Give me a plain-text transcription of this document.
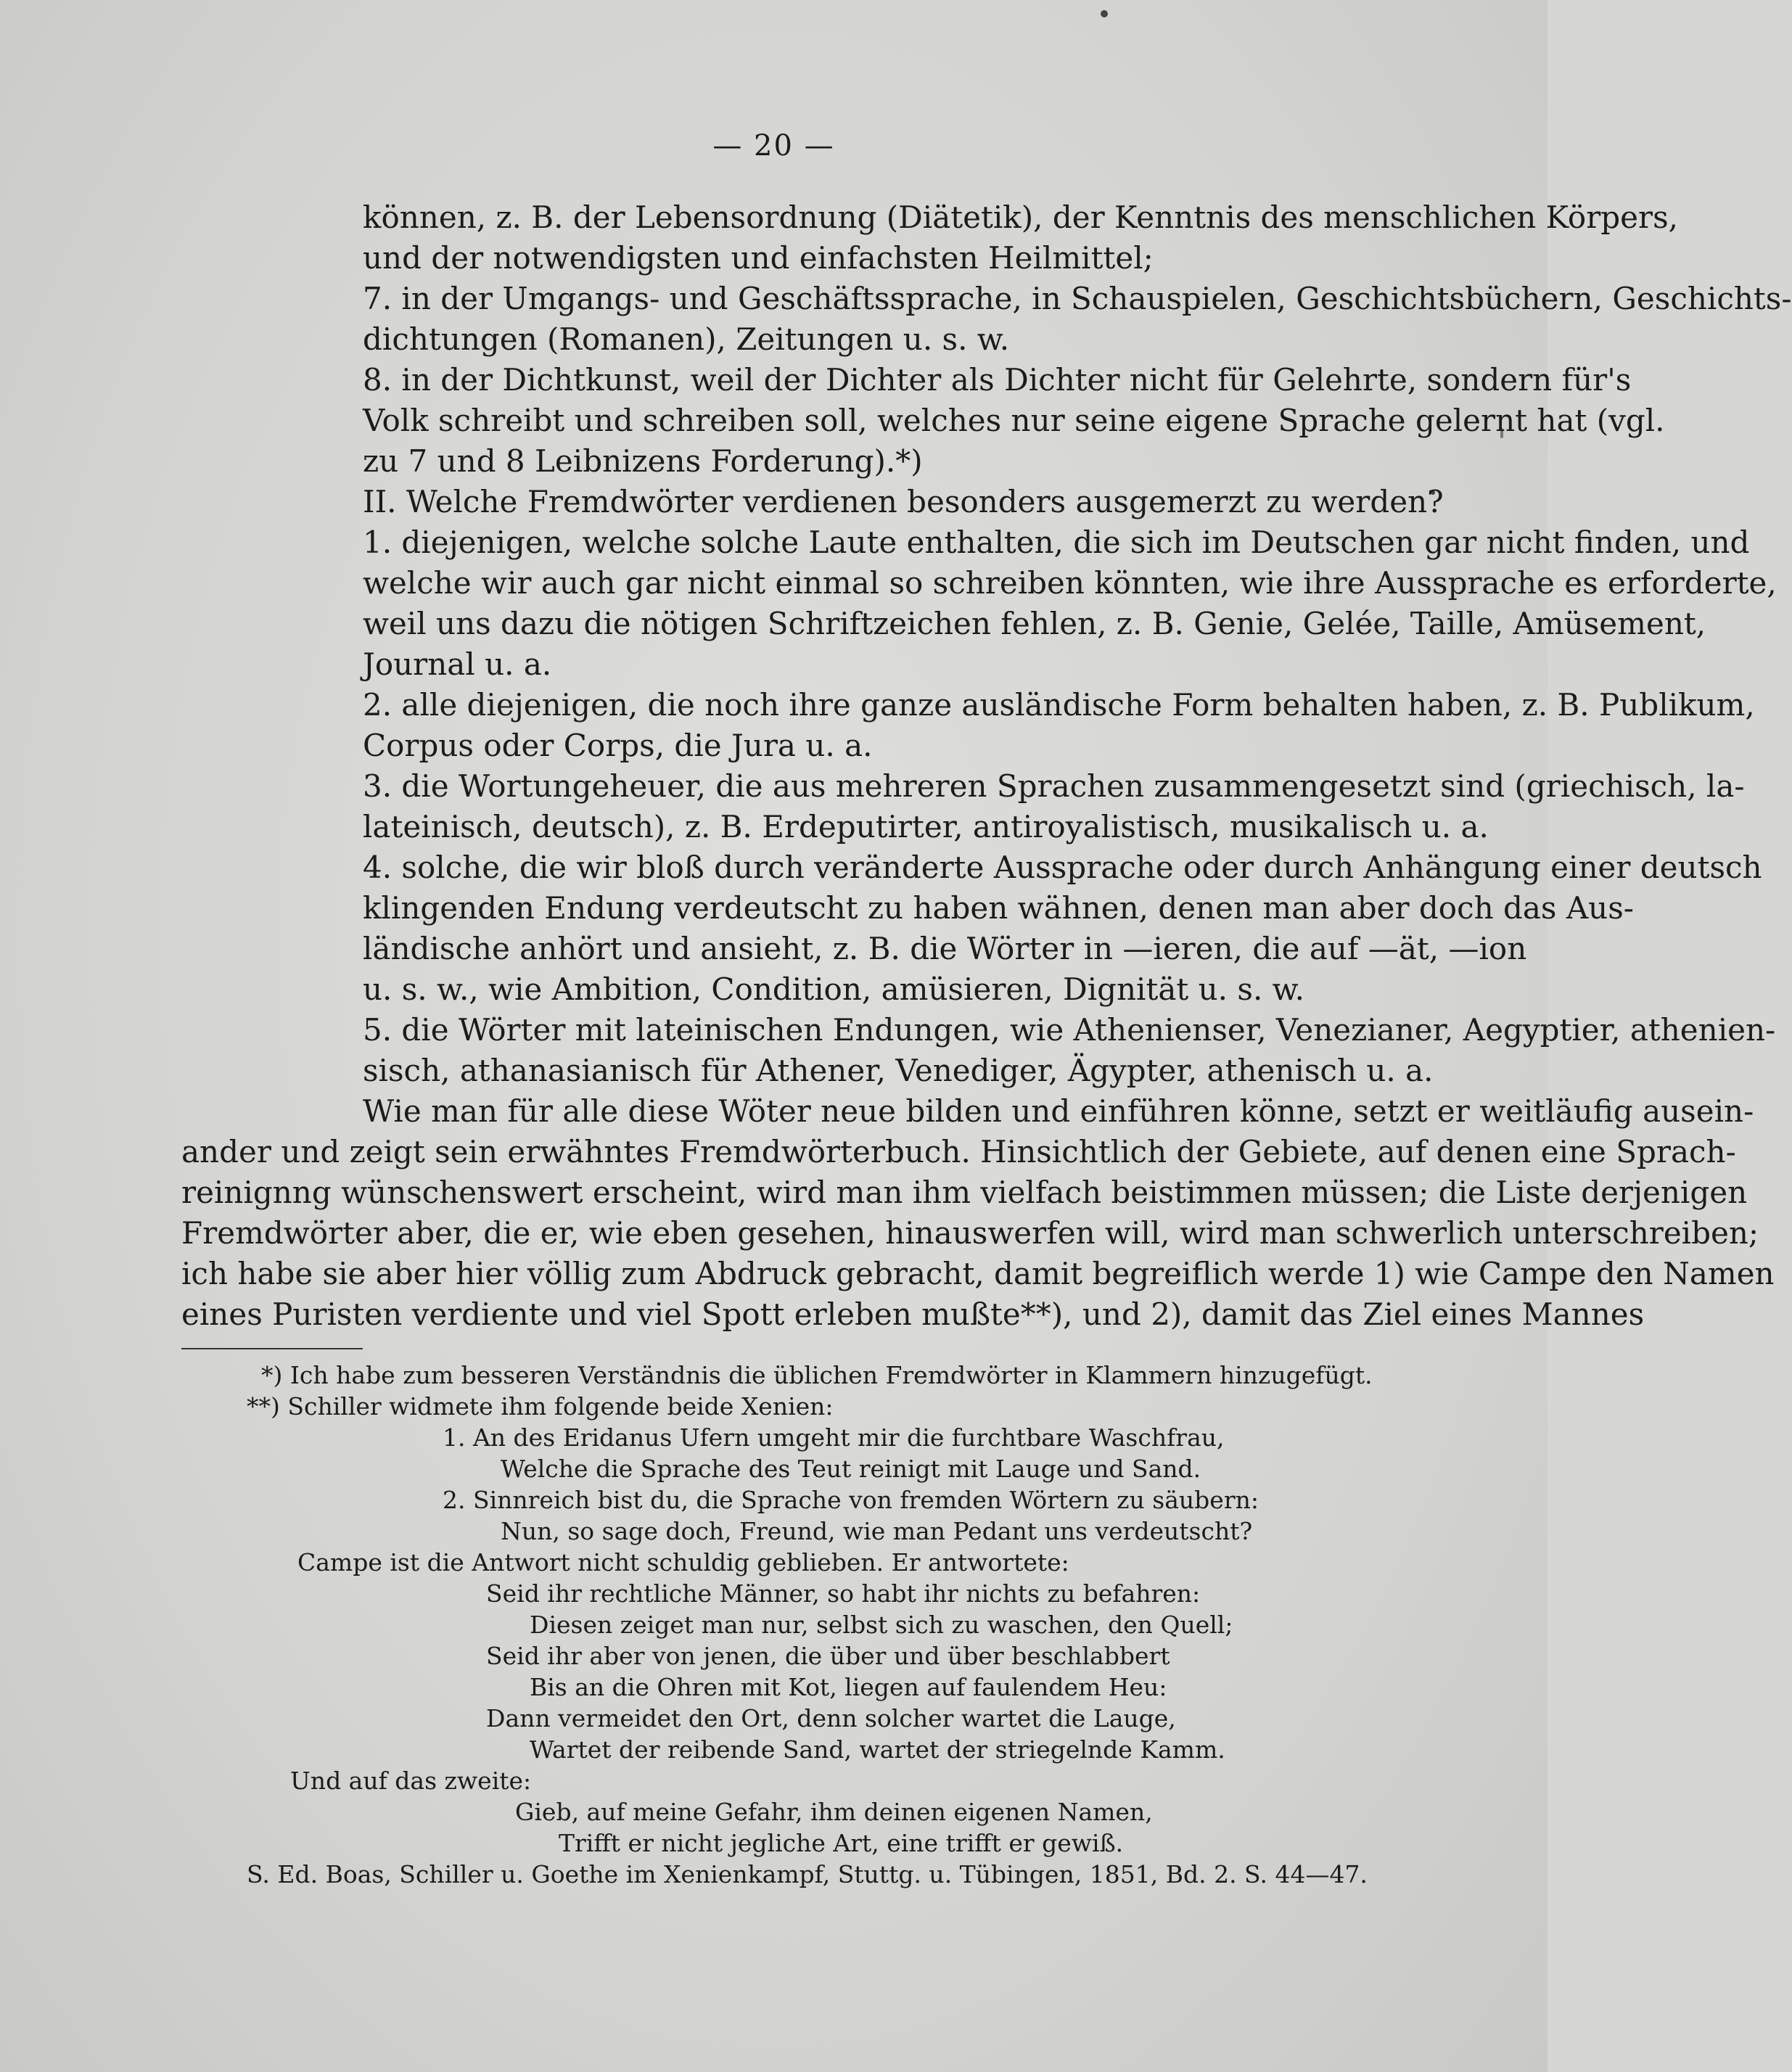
— 20 —
können, z. B. der Lebensordnung (Diätetik), der Kenntnis des menschlichen Körpers,
und der notwendigsten und einfachsten Heilmittel;
7. in der Umgangs- und Geschäftssprache, in Schauspielen, Geschichtsbüchern, Geschichts-
dichtungen (Romanen), Zeitungen u. s. w.
8. in der Dichtkunst, weil der Dichter als Dichter nicht für Gelehrte, sondern für's
Volk schreibt und schreiben soll, welches nur seine eigene Sprache gelernt hat (vgl.
zu 7 und 8 Leibnizens Forderung).*)
II. Welche Fremdwörter verdienen besonders ausgemerzt zu werden?
1. diejenigen, welche solche Laute enthalten, die sich im Deutschen gar nicht finden, und
welche wir auch gar nicht einmal so schreiben könnten, wie ihre Aussprache es erforderte,
weil uns dazu die nötigen Schriftzeichen fehlen, z. B. Genie, Gelée, Taille, Amüsement,
Journal u. a.
2. alle diejenigen, die noch ihre ganze ausländische Form behalten haben, z. B. Publikum,
Corpus oder Corps, die Jura u. a.
3. die Wortungeheuer, die aus mehreren Sprachen zusammengesetzt sind (griechisch, la-
lateinisch, deutsch), z. B. Erdeputirter, antiroyalistisch, musikalisch u. a.
4. solche, die wir bloß durch veränderte Aussprache oder durch Anhängung einer deutsch
klingenden Endung verdeutscht zu haben wähnen, denen man aber doch das Aus-
ländische anhört und ansieht, z. B. die Wörter in —ieren, die auf —ät, —ion
u. s. w., wie Ambition, Condition, amüsieren, Dignität u. s. w.
5. die Wörter mit lateinischen Endungen, wie Athenienser, Venezianer, Aegyptier, athenien-
sisch, athanasianisch für Athener, Venediger, Ägypter, athenisch u. a.
Wie man für alle diese Wöter neue bilden und einführen könne, setzt er weitläufig ausein-
ander und zeigt sein erwähntes Fremdwörterbuch. Hinsichtlich der Gebiete, auf denen eine Sprach-
reinignng wünschenswert erscheint, wird man ihm vielfach beistimmen müssen; die Liste derjenigen
Fremdwörter aber, die er, wie eben gesehen, hinauswerfen will, wird man schwerlich unterschreiben;
ich habe sie aber hier völlig zum Abdruck gebracht, damit begreiflich werde 1) wie Campe den Namen
eines Puristen verdiente und viel Spott erleben mußte**), und 2), damit das Ziel eines Mannes
*) Ich habe zum besseren Verständnis die üblichen Fremdwörter in Klammern hinzugefügt.
**) Schiller widmete ihm folgende beide Xenien:
1. An des Eridanus Ufern umgeht mir die furchtbare Waschfrau,
Welche die Sprache des Teut reinigt mit Lauge und Sand.
2. Sinnreich bist du, die Sprache von fremden Wörtern zu säubern:
Nun, so sage doch, Freund, wie man Pedant uns verdeutscht?
Campe ist die Antwort nicht schuldig geblieben. Er antwortete:
Seid ihr rechtliche Männer, so habt ihr nichts zu befahren:
Diesen zeiget man nur, selbst sich zu waschen, den Quell;
Seid ihr aber von jenen, die über und über beschlabbert
Bis an die Ohren mit Kot, liegen auf faulendem Heu:
Dann vermeidet den Ort, denn solcher wartet die Lauge,
Wartet der reibende Sand, wartet der striegelnde Kamm.
Und auf das zweite:
Gieb, auf meine Gefahr, ihm deinen eigenen Namen,
Trifft er nicht jegliche Art, eine trifft er gewiß.
S. Ed. Boas, Schiller u. Goethe im Xenienkampf, Stuttg. u. Tübingen, 1851, Bd. 2. S. 44—47.
